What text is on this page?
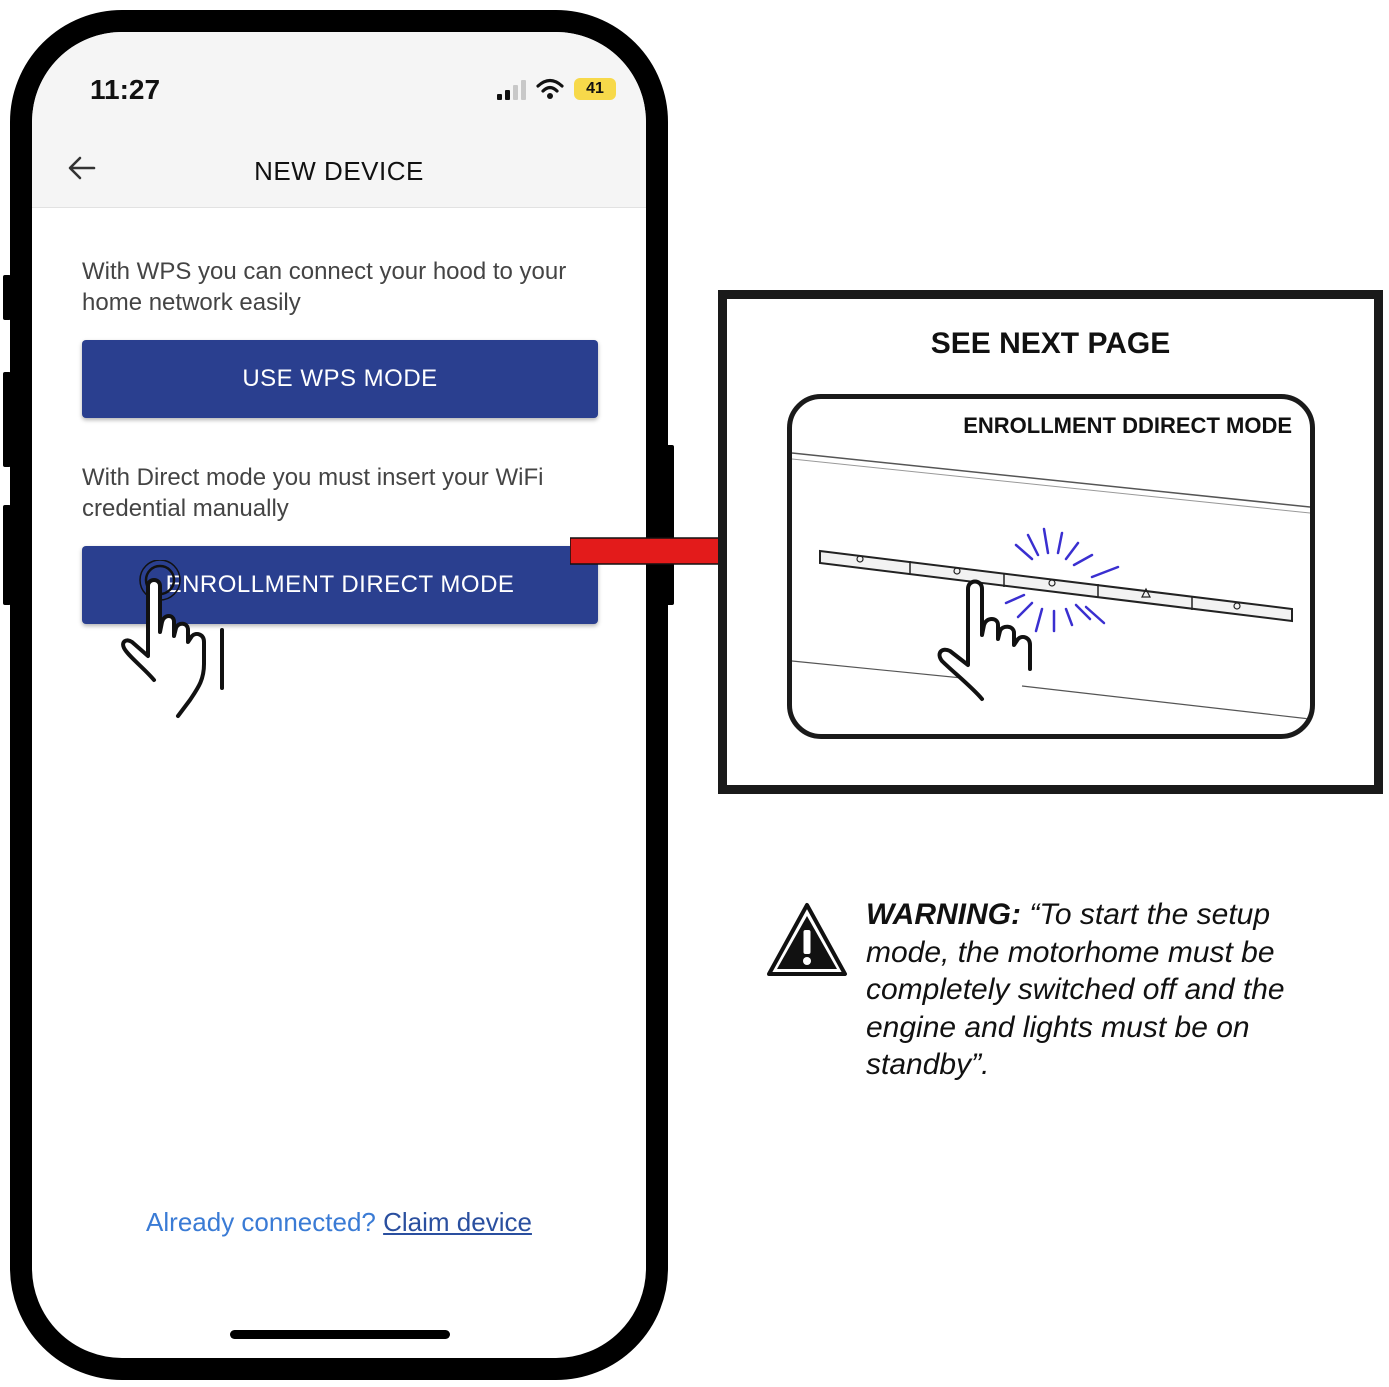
11:27	41
NEW DEVICE
With WPS you can connect your hood to your home network easily
USE WPS MODE
With Direct mode you must insert your WiFi credential manually
ENROLLMENT DIRECT MODE
Already connected? Claim device
SEE NEXT PAGE
ENROLLMENT DDIRECT MODE
WARNING: “To start the setup mode, the motorhome must be completely switched off and the engine and lights must be on standby”.
